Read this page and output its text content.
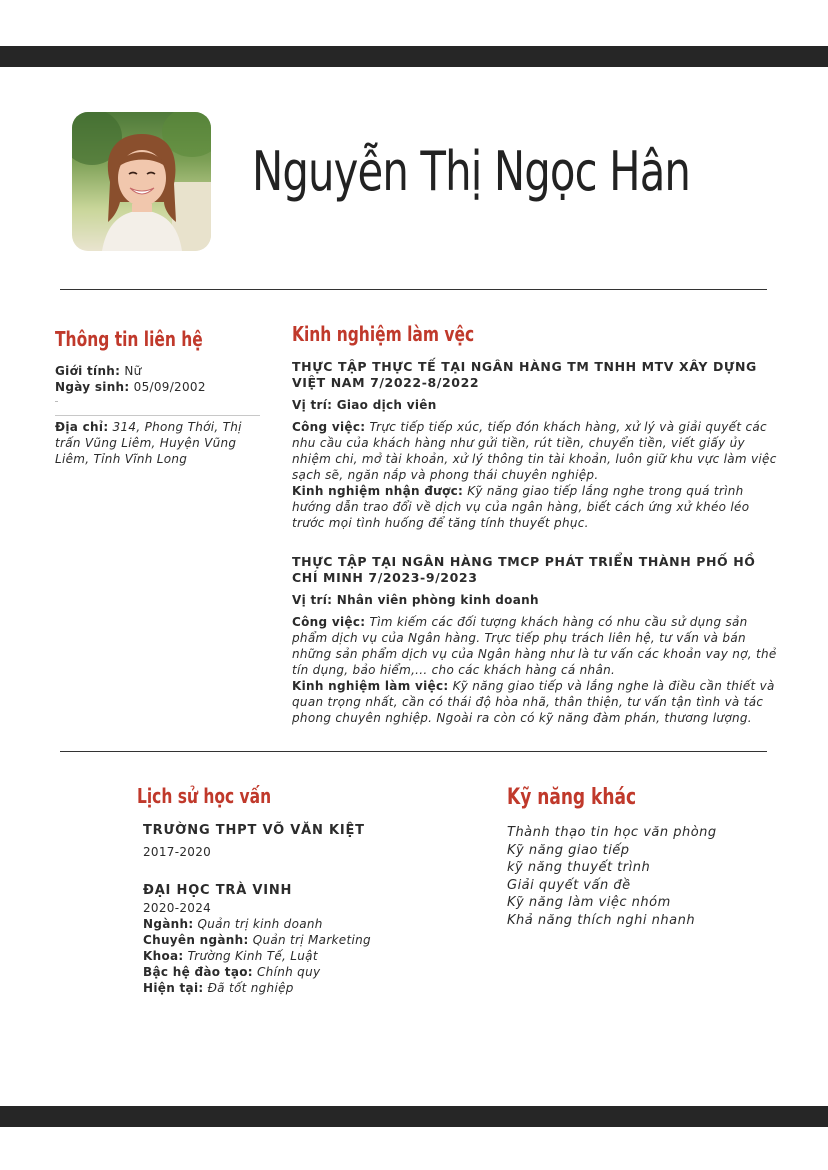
Nguyễn Thị Ngọc Hân
Thông tin liên hệ
Giới tính: Nữ
Ngày sinh: 05/09/2002
Địa chỉ: 314, Phong Thới, Thị trấn Vũng Liêm, Huyện Vũng Liêm, Tỉnh Vĩnh Long
Kinh nghiệm làm vệc
THỰC TẬP THỰC TẾ TẠI NGÂN HÀNG TM TNHH MTV XÂY DỰNG VIỆT NAM 7/2022-8/2022

Vị trí: Giao dịch viên

Công việc: Trực tiếp tiếp xúc, tiếp đón khách hàng, xử lý và giải quyết các nhu cầu của khách hàng như gửi tiền, rút tiền, chuyển tiền, viết giấy ủy nhiệm chi, mở tài khoản, xử lý thông tin tài khoản, luôn giữ khu vực làm việc sạch sẽ, ngăn nắp và phong thái chuyên nghiệp.

Kinh nghiệm nhận được: Kỹ năng giao tiếp lắng nghe trong quá trình hướng dẫn trao đổi về dịch vụ của ngân hàng, biết cách ứng xử khéo léo trước mọi tình huống để tăng tính thuyết phục.

THỰC TẬP TẠI NGÂN HÀNG TMCP PHÁT TRIỂN THÀNH PHỐ HỒ CHÍ MINH 7/2023-9/2023

Vị trí: Nhân viên phòng kinh doanh

Công việc: Tìm kiếm các đối tượng khách hàng có nhu cầu sử dụng sản phẩm dịch vụ của Ngân hàng. Trực tiếp phụ trách liên hệ, tư vấn và bán những sản phẩm dịch vụ của Ngân hàng như là tư vấn các khoản vay nợ, thẻ tín dụng, bảo hiểm,... cho các khách hàng cá nhân.

Kinh nghiệm làm việc: Kỹ năng giao tiếp và lắng nghe là điều cần thiết và quan trọng nhất, cần có thái độ hòa nhã, thân thiện, tư vấn tận tình và tác phong chuyên nghiệp. Ngoài ra còn có kỹ năng đàm phán, thương lượng.

Lịch sử học vấn

TRƯỜNG THPT VÕ VĂN KIỆT

2017-2020

ĐẠI HỌC TRÀ VINH

2020-2024

Ngành: Quản trị kinh doanh

Chuyên ngành: Quản trị Marketing

Khoa: Trường Kinh Tế, Luật

Bậc hệ đào tạo: Chính quy

Hiện tại: Đã tốt nghiệp

Kỹ năng khác
Thành thạo tin học văn phòng
Kỹ năng giao tiếp
kỹ năng thuyết trình
Giải quyết vấn đề
Kỹ năng làm việc nhóm
Khả năng thích nghi nhanh
